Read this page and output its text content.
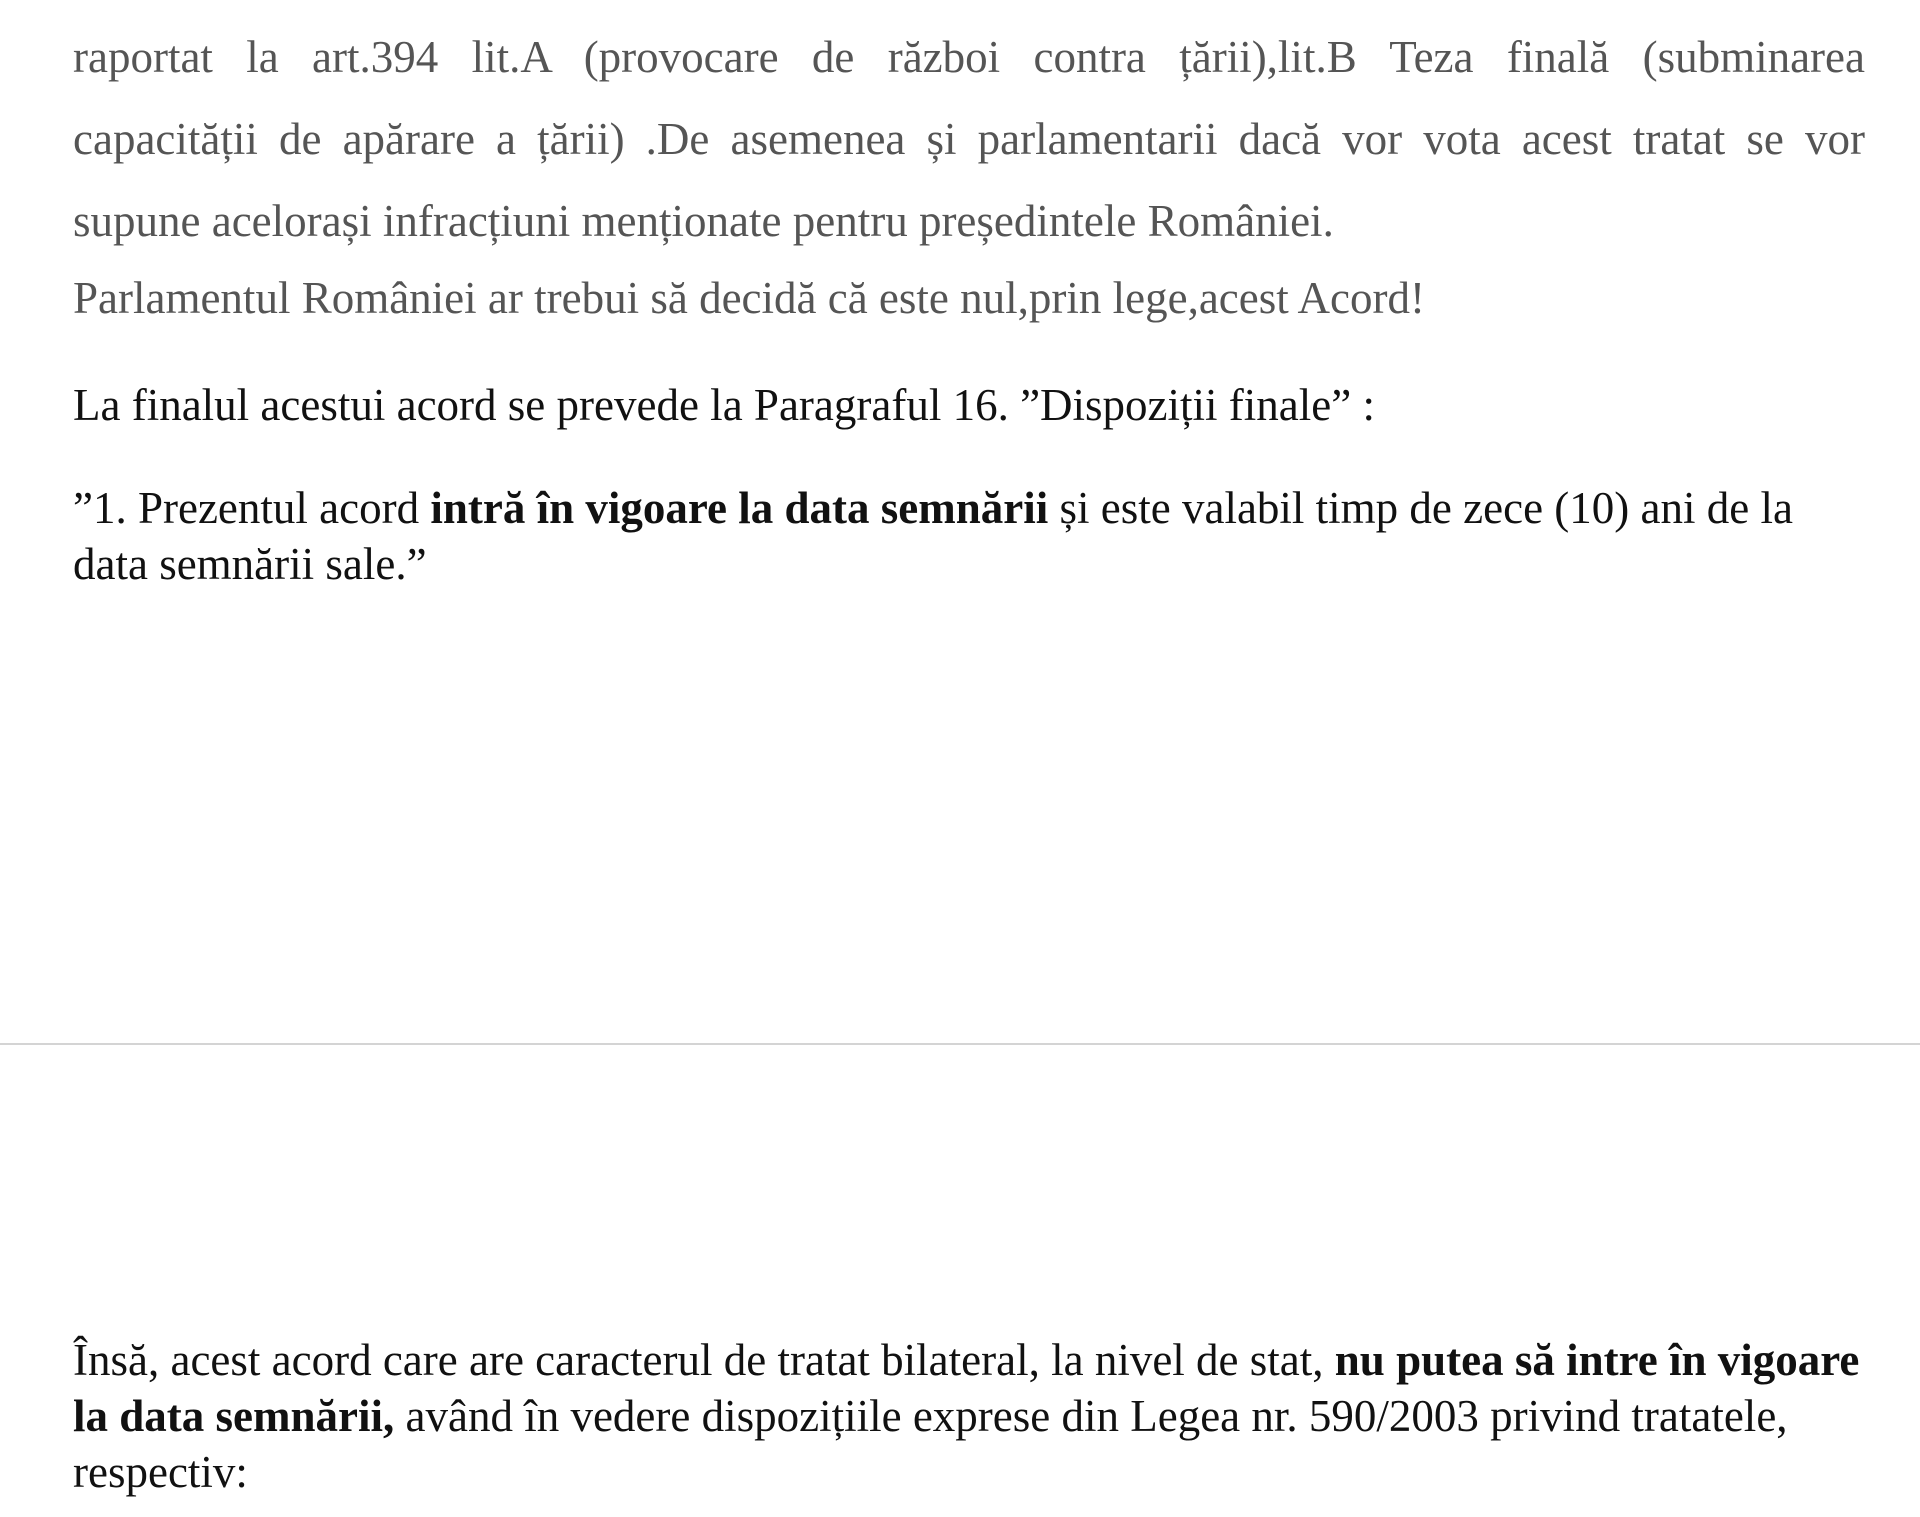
raportat la art.394 lit.A (provocare de război contra țării),lit.B Teza finală (subminarea
capacității de apărare a țării) .De asemenea și parlamentarii dacă vor vota acest tratat se vor
supune acelorași infracțiuni menționate pentru președintele României.

Parlamentul României ar trebui să decidă că este nul,prin lege,acest Acord!

La finalul acestui acord se prevede la Paragraful 16. ”Dispoziții finale” :

”1. Prezentul acord intră în vigoare la data semnării și este valabil timp de zece (10) ani de la data semnării sale.”

Însă, acest acord care are caracterul de tratat bilateral, la nivel de stat, nu putea să intre în vigoare la data semnării, având în vedere dispozițiile exprese din Legea nr. 590/2003 privind tratatele, respectiv:
